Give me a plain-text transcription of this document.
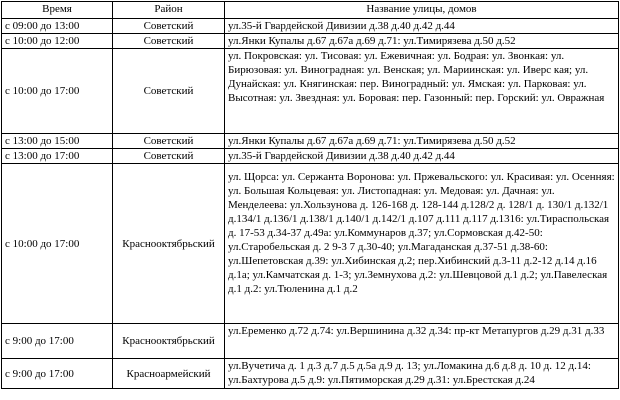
Время	Район	Название улицы, домов
с 09:00 до 13:00	Советский	ул.35-й Гвардейской Дивизии д.38 д.40 д.42 д.44
с 10:00 до 12:00	Советский	ул.Янки Купалы д.67 д.67а д.69 д.71: ул.Тимирязева д.50 д.52
с 10:00 до 17:00	Советский	ул. Покровская: ул. Тисовая: ул. Ежевичная: ул. Бодрая: ул. Звонкая: ул. Бирюзовая: ул. Виноградная: ул. Венская; ул. Мариинская: ул. Иверс кая; ул. Дунайская: ул. Княгинская: пер. Виноградный: ул. Ямская: ул. Парковая: ул. Высотная: ул. Звездная: ул. Боровая: пер. Газонный: пер. Горский: ул. Овражная
с 13:00 до 15:00	Советский	ул.Янки Купалы д.67 д.67а д.69 д.71: ул.Тимирязева д.50 д.52
с 13:00 до 17:00	Советский	ул.35-й Гвардейской Дивизии д.38 д.40 д.42 д.44
с 10:00 до 17:00	Краснооктябрьский	ул. Щорса: ул. Сержанта Воронова: ул. Пржевальского: ул. Красивая: ул. Осенняя: ул. Большая Кольцевая: ул. Листопадная: ул. Медовая: ул. Дачная: ул. Менделеева: ул.Хользунова д. 126-168 д. 128-144 д.128/2 д. 128/1 д. 130/1 д.132/1 д.134/1 д.136/1 д.138/1 д.140/1 д.142/1 д.107 д.111 д.117 д.1316: ул.Тираспольская д. 17-53 д.34-37 д.49а: ул.Коммунаров д.37; ул.Сормовская д.42-50: ул.Старобельская д. 2 9-3 7 д.30-40; ул.Магаданская д.37-51 д.38-60: ул.Шепетовская д.39: ул.Хибинская д.2; пер.Хибинский д.3-11 д.2-12 д.14 д.16 д.1а; ул.Камчатская д. 1-3; ул.Земнухова д.2: ул.Шевцовой д.1 д.2; ул.Павелеская д.1 д.2: ул.Тюленина д.1 д.2
с 9:00 до 17:00	Краснооктябрьский	ул.Еременко д.72 д.74: ул.Вершинина д.32 д.34: пр-кт Метапургов д.29 д.31 д.33
с 9:00 до 17:00	Красноармейский	ул.Вучетича д. 1 д.3 д.7 д.5 д.5а д.9 д. 13; ул.Ломакина д.6 д.8 д. 10 д. 12 д.14: ул.Бахтурова д.5 д.9: ул.Пятиморская д.29 д.31: ул.Брестская д.24
